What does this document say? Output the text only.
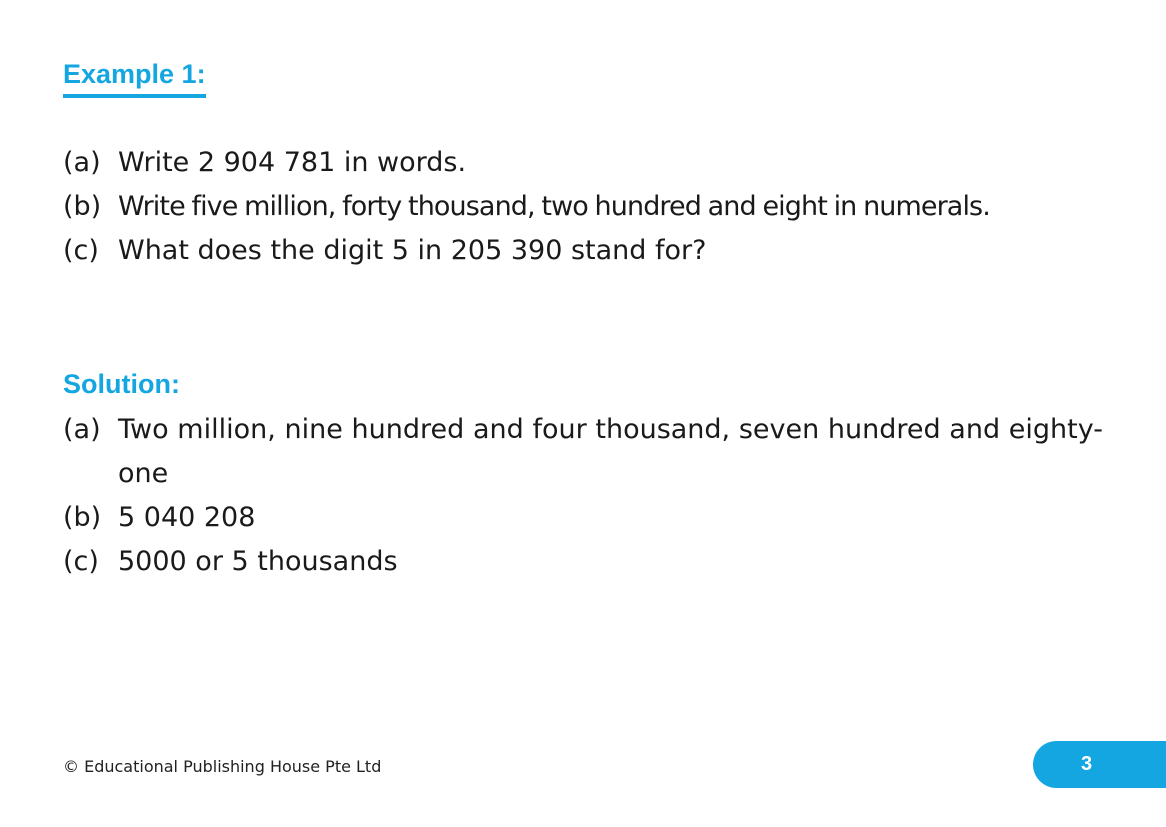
Example 1:
(a) Write 2 904 781 in words.
(b) Write five million, forty thousand, two hundred and eight in numerals.
(c) What does the digit 5 in 205 390 stand for?
Solution:
(a) Two million, nine hundred and four thousand, seven hundred and eighty-one
(b) 5 040 208
(c) 5000 or 5 thousands
© Educational Publishing House Pte Ltd	3
